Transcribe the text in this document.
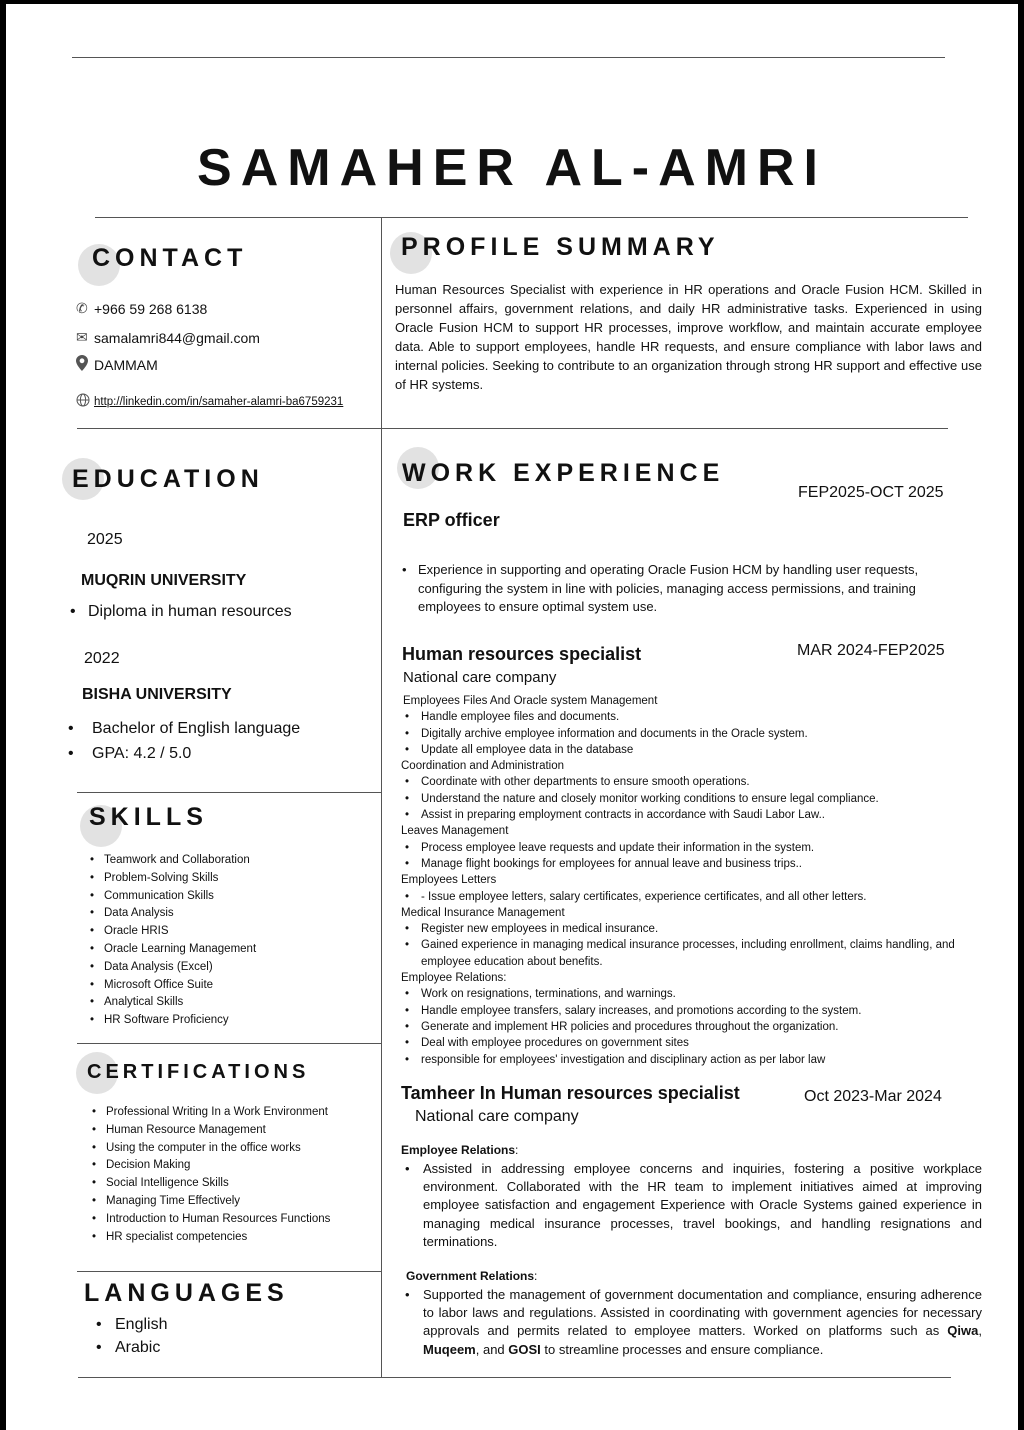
SAMAHER AL-AMRI
CONTACT
✆ +966 59 268 6138
✉ samalamri844@gmail.com
DAMMAM
http://linkedin.com/in/samaher-alamri-ba6759231
PROFILE SUMMARY
Human Resources Specialist with experience in HR operations and Oracle Fusion HCM. Skilled in personnel affairs, government relations, and daily HR administrative tasks. Experienced in using Oracle Fusion HCM to support HR processes, improve workflow, and maintain accurate employee data. Able to support employees, handle HR requests, and ensure compliance with labor laws and internal policies. Seeking to contribute to an organization through strong HR support and effective use of HR systems.
EDUCATION
2025
MUQRIN UNIVERSITY
• Diploma in human resources
2022
BISHA UNIVERSITY
• Bachelor of English language
• GPA: 4.2 / 5.0
SKILLS
• Teamwork and Collaboration
• Problem-Solving Skills
• Communication Skills
• Data Analysis
• Oracle HRIS
• Oracle Learning Management
• Data Analysis (Excel)
• Microsoft Office Suite
• Analytical Skills
• HR Software Proficiency
CERTIFICATIONS
• Professional Writing In a Work Environment
• Human Resource Management
• Using the computer in the office works
• Decision Making
• Social Intelligence Skills
• Managing Time Effectively
• Introduction to Human Resources Functions
• HR specialist competencies
LANGUAGES
• English
• Arabic
WORK EXPERIENCE
FEP2025-OCT 2025
ERP officer
• Experience in supporting and operating Oracle Fusion HCM by handling user requests, configuring the system in line with policies, managing access permissions, and training employees to ensure optimal system use.
Human resources specialist	MAR 2024-FEP2025
National care company
Employees Files And Oracle system Management
• Handle employee files and documents.
• Digitally archive employee information and documents in the Oracle system.
• Update all employee data in the database
Coordination and Administration
• Coordinate with other departments to ensure smooth operations.
• Understand the nature and closely monitor working conditions to ensure legal compliance.
• Assist in preparing employment contracts in accordance with Saudi Labor Law..
Leaves Management
• Process employee leave requests and update their information in the system.
• Manage flight bookings for employees for annual leave and business trips..
Employees Letters
• - Issue employee letters, salary certificates, experience certificates, and all other letters.
Medical Insurance Management
• Register new employees in medical insurance.
• Gained experience in managing medical insurance processes, including enrollment, claims handling, and employee education about benefits.
Employee Relations:
• Work on resignations, terminations, and warnings.
• Handle employee transfers, salary increases, and promotions according to the system.
• Generate and implement HR policies and procedures throughout the organization.
• Deal with employee procedures on government sites
• responsible for employees' investigation and disciplinary action as per labor law
Tamheer In Human resources specialist	Oct 2023-Mar 2024
National care company
Employee Relations:
• Assisted in addressing employee concerns and inquiries, fostering a positive workplace environment. Collaborated with the HR team to implement initiatives aimed at improving employee satisfaction and engagement Experience with Oracle Systems gained experience in managing medical insurance processes, travel bookings, and handling resignations and terminations.
Government Relations:
• Supported the management of government documentation and compliance, ensuring adherence to labor laws and regulations. Assisted in coordinating with government agencies for necessary approvals and permits related to employee matters. Worked on platforms such as Qiwa, Muqeem, and GOSI to streamline processes and ensure compliance.
